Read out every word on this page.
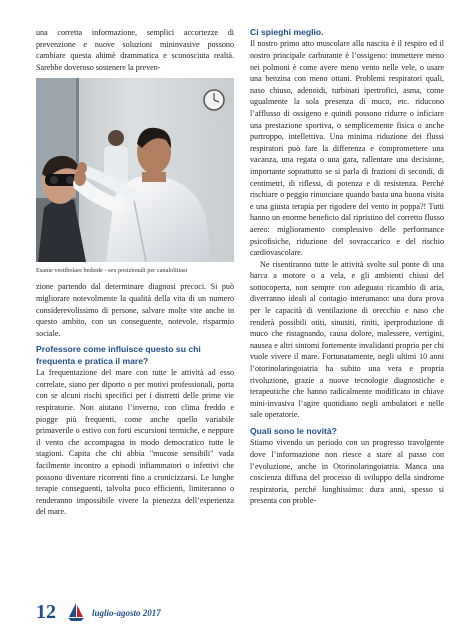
una corretta informazione, semplici accortezze di prevenzione e nuove soluzioni mininvasive possono cambiare questa ahimè drammatica e sconosciuta realtà. Sarebbe doveroso sostenere la preven-

Esame vestibolare bedside - sex posizionali per canalolitiasi

zione partendo dal determinare diagnosi precoci. Si può migliorare notevolmente la qualità della vita di un numero considerevolissimo di persone, salvare molte vite anche in questo ambito, con un conseguente, notevole, risparmio sociale.

Professore come influisce questo su chi frequenta e pratica il mare?

La frequentazione del mare con tutte le attività ad esso correlate, siano per diporto o per motivi professionali, porta con se alcuni rischi specifici per i distretti delle prime vie respiratorie. Non aiutano l’inverno, con clima freddo e piogge più frequenti, come anche quello variabile primaverile o estivo con forti escursioni termiche, e neppure il vento che accompagna in modo democratico tutte le stagioni. Capita che chi abbia "mucose sensibili" vada facilmente incontro a episodi infiammatori o infettivi che possono diventare ricorrenti fino a cronicizzarsi. Le lunghe terapie conseguenti, talvolta poco efficienti, limiteranno o renderanno impossibile vivere la pienezza dell’esperienza del mare.

Ci spieghi meglio.

Il nostro primo atto muscolare alla nascita è il respiro ed il nostro principale carburante è l’ossigeno: immettere meno nei polmoni è come avere meno vento nelle vele, o usare una benzina con meno ottani. Problemi respiratori quali, naso chiuso, adenoidi, turbinati ipertrofici, asma, come ugualmente la sola presenza di muco, etc. riducono l’afflusso di ossigeno e quindi possono ridurre o inficiare una prestazione sportiva, o semplicemente fisica o anche purtroppo, intellettiva. Una minima riduzione dei flussi respiratori può fare la differenza e compromettere una vacanza, una regata o una gara, rallentare una decisione, importante soprattutto se si parla di frazioni di secondi, di centimetri, di riflessi, di potenza e di resistenza. Perché rischiare o peggio rinunciare quando basta una buona visita e una giusta terapia per rigodere del vento in poppa?! Tutti hanno un enorme beneficio dal ripristino del corretto flusso aereo: miglioramento complessivo delle performance psicofisiche, riduzione del sovraccarico e del rischio cardiovascolare.

Ne risentiranno tutte le attività svolte sul ponte di una barca a motore o a vela, e gli ambienti chiusi del sottocoperta, non sempre con adeguato ricambio di aria, diverranno ideali al contagio interumano: una dura prova per le capacità di ventilazione di orecchio e naso che renderà possibili otiti, sinusiti, riniti, iperproduzione di muco che ristagnando, causa dolore, malessere, vertigini, nausea e altri sintomi fortemente invalidanti proprio per chi vuole vivere il mare. Fortunatamente, negli ultimi 10 anni l’otorinolaringoiatria ha subito una vera e propria rivoluzione, grazie a nuove tecnologie diagnostiche e terapeutiche che hanno radicalmente modificato in chiave mini-invasiva l’agire quotidiano negli ambulatori e nelle sale operatorie.

Quali sono le novità?

Stiamo vivendo un periodo con un progresso travolgente dove l’informazione non riesce a stare al passo con l’evoluzione, anche in Otorinolaringoiatria. Manca una coscienza diffusa del processo di sviluppo della sindrome respiratoria, perché lunghissimo: dura anni, spesso si presenta con proble-

12	luglio-agosto 2017
